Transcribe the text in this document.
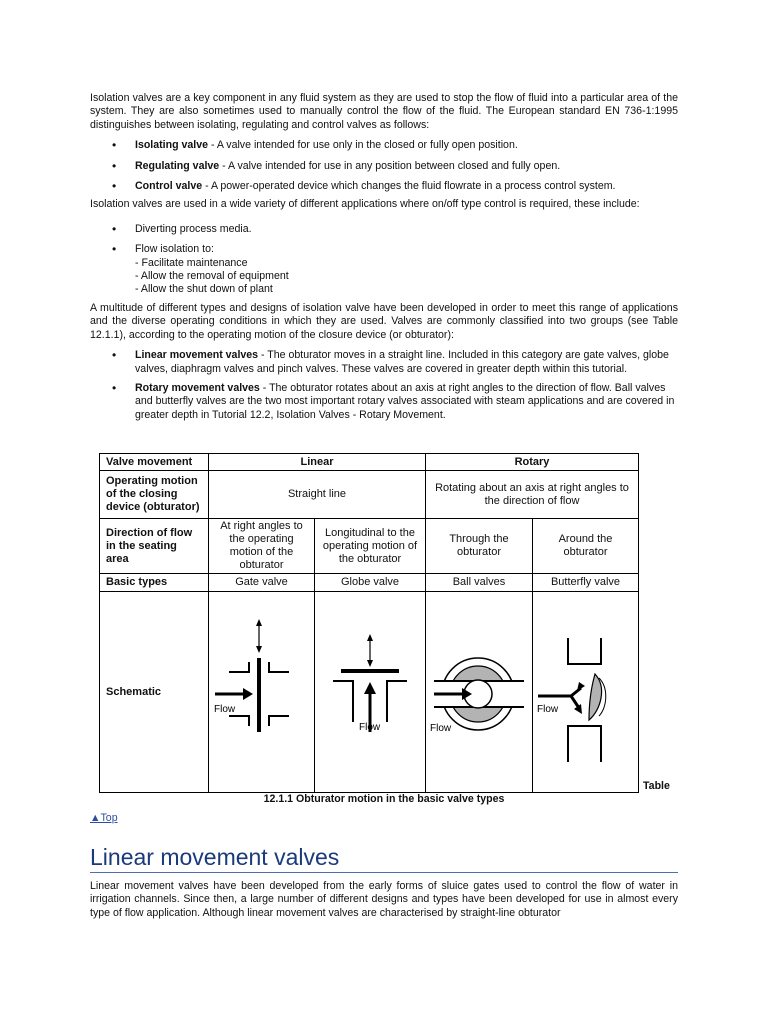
Isolation valves are a key component in any fluid system as they are used to stop the flow of fluid into a particular area of the system. They are also sometimes used to manually control the flow of the fluid. The European standard EN 736-1:1995 distinguishes between isolating, regulating and control valves as follows:

• Isolating valve - A valve intended for use only in the closed or fully open position.
• Regulating valve - A valve intended for use in any position between closed and fully open.
• Control valve - A power-operated device which changes the fluid flowrate in a process control system.

Isolation valves are used in a wide variety of different applications where on/off type control is required, these include:

• Diverting process media.
• Flow isolation to:
- Facilitate maintenance
- Allow the removal of equipment
- Allow the shut down of plant

A multitude of different types and designs of isolation valve have been developed in order to meet this range of applications and the diverse operating conditions in which they are used. Valves are commonly classified into two groups (see Table 12.1.1), according to the operating motion of the closure device (or obturator):

• Linear movement valves - The obturator moves in a straight line. Included in this category are gate valves, globe valves, diaphragm valves and pinch valves. These valves are covered in greater depth within this tutorial.
• Rotary movement valves - The obturator rotates about an axis at right angles to the direction of flow. Ball valves and butterfly valves are the two most important rotary valves associated with steam applications and are covered in greater depth in Tutorial 12.2, Isolation Valves - Rotary Movement.
Valve movement	Linear		Rotary	
Operating motion of the closing device (obturator)	Straight line		Rotating about an axis at right angles to the direction of flow	
Direction of flow in the seating area	At right angles to the operating motion of the obturator	Longitudinal to the operating motion of the obturator	Through the obturator	Around the obturator
Basic types	Gate valve	Globe valve	Ball valves	Butterfly valve
Schematic	Flow	Flow	Flow	Flow
Table
12.1.1 Obturator motion in the basic valve types
▲Top
Linear movement valves

Linear movement valves have been developed from the early forms of sluice gates used to control the flow of water in irrigation channels. Since then, a large number of different designs and types have been developed for use in almost every type of flow application. Although linear movement valves are characterised by straight-line obturator
